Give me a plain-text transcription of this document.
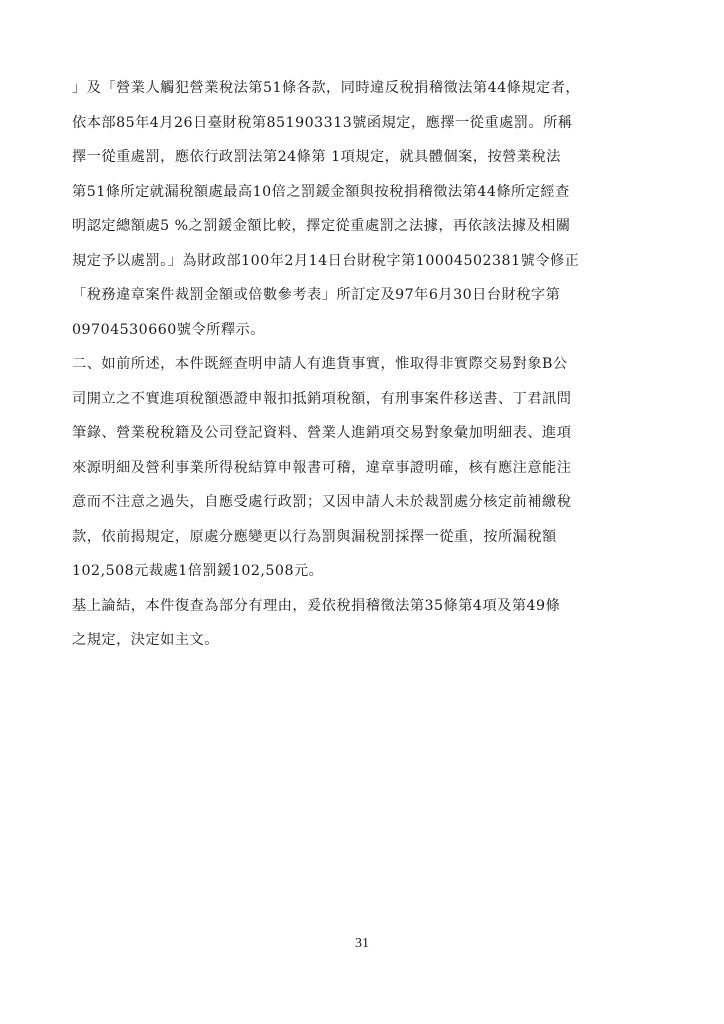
」及「營業人觸犯營業稅法第51條各款，同時違反稅捐稽徵法第44條規定者，
依本部85年4月26日臺財稅第851903313號函規定，應擇一從重處罰。所稱
擇一從重處罰，應依行政罰法第24條第 1項規定，就具體個案，按營業稅法
第51條所定就漏稅額處最高10倍之罰鍰金額與按稅捐稽徵法第44條所定經查
明認定總額處5 %之罰鍰金額比較，擇定從重處罰之法據，再依該法據及相關
規定予以處罰。」為財政部100年2月14日台財稅字第10004502381號令修正
「稅務違章案件裁罰金額或倍數參考表」所訂定及97年6月30日台財稅字第
09704530660號令所釋示。
二、如前所述，本件既經查明申請人有進貨事實，惟取得非實際交易對象B公
司開立之不實進項稅額憑證申報扣抵銷項稅額，有刑事案件移送書、丁君訊問
筆錄、營業稅稅籍及公司登記資料、營業人進銷項交易對象彙加明細表、進項
來源明細及營利事業所得稅結算申報書可稽，違章事證明確，核有應注意能注
意而不注意之過失，自應受處行政罰；又因申請人未於裁罰處分核定前補繳稅
款，依前揭規定，原處分應變更以行為罰與漏稅罰採擇一從重，按所漏稅額
102,508元裁處1倍罰鍰102,508元。
基上論結，本件復查為部分有理由，爰依稅捐稽徵法第35條第4項及第49條
之規定，決定如主文。
31
